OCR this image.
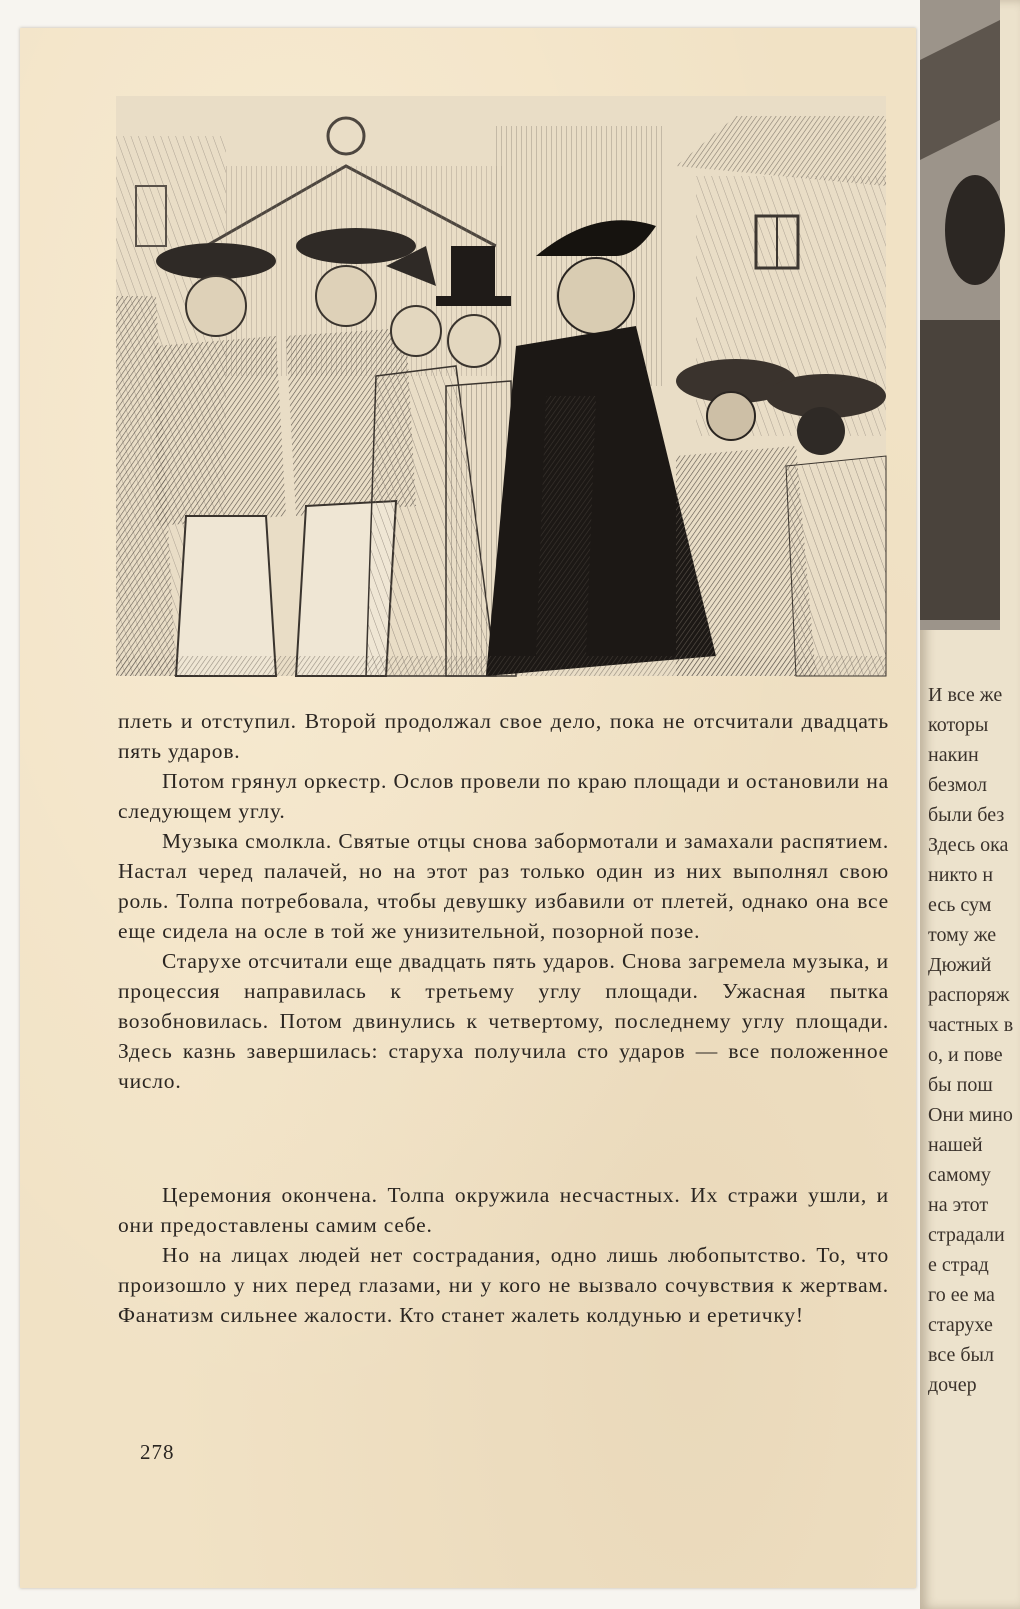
плеть и отступил. Второй продолжал свое дело, пока не отсчитали двадцать пять ударов.

Потом грянул оркестр. Ослов провели по краю площади и остановили на следующем углу.

Музыка смолкла. Святые отцы снова забормотали и замахали распятием. Настал черед палачей, но на этот раз только один из них выполнял свою роль. Толпа потребовала, чтобы девушку избавили от плетей, однако она все еще сидела на осле в той же унизительной, позорной позе.

Старухе отсчитали еще двадцать пять ударов. Снова загремела музыка, и процессия направилась к третьему углу площади. Ужасная пытка возобновилась. Потом двинулись к четвертому, последнему углу площади. Здесь казнь завершилась: старуха получила сто ударов — все положенное число.

Церемония окончена. Толпа окружила несчастных. Их стражи ушли, и они предоставлены самим себе.

Но на лицах людей нет сострадания, одно лишь любопытство. То, что произошло у них перед глазами, ни у кого не вызвало сочувствия к жертвам. Фанатизм сильнее жалости. Кто станет жалеть колдунью и еретичку!

278
И все же
которы
накин
безмол
были без
Здесь ока
никто н
есь сум
тому же
Дюжий
распоряж
частных в
о, и пове
бы пош
Они мино
нашей
самому
на этот
страдали
е страд
го ее ма
старухе
все был
дочер
